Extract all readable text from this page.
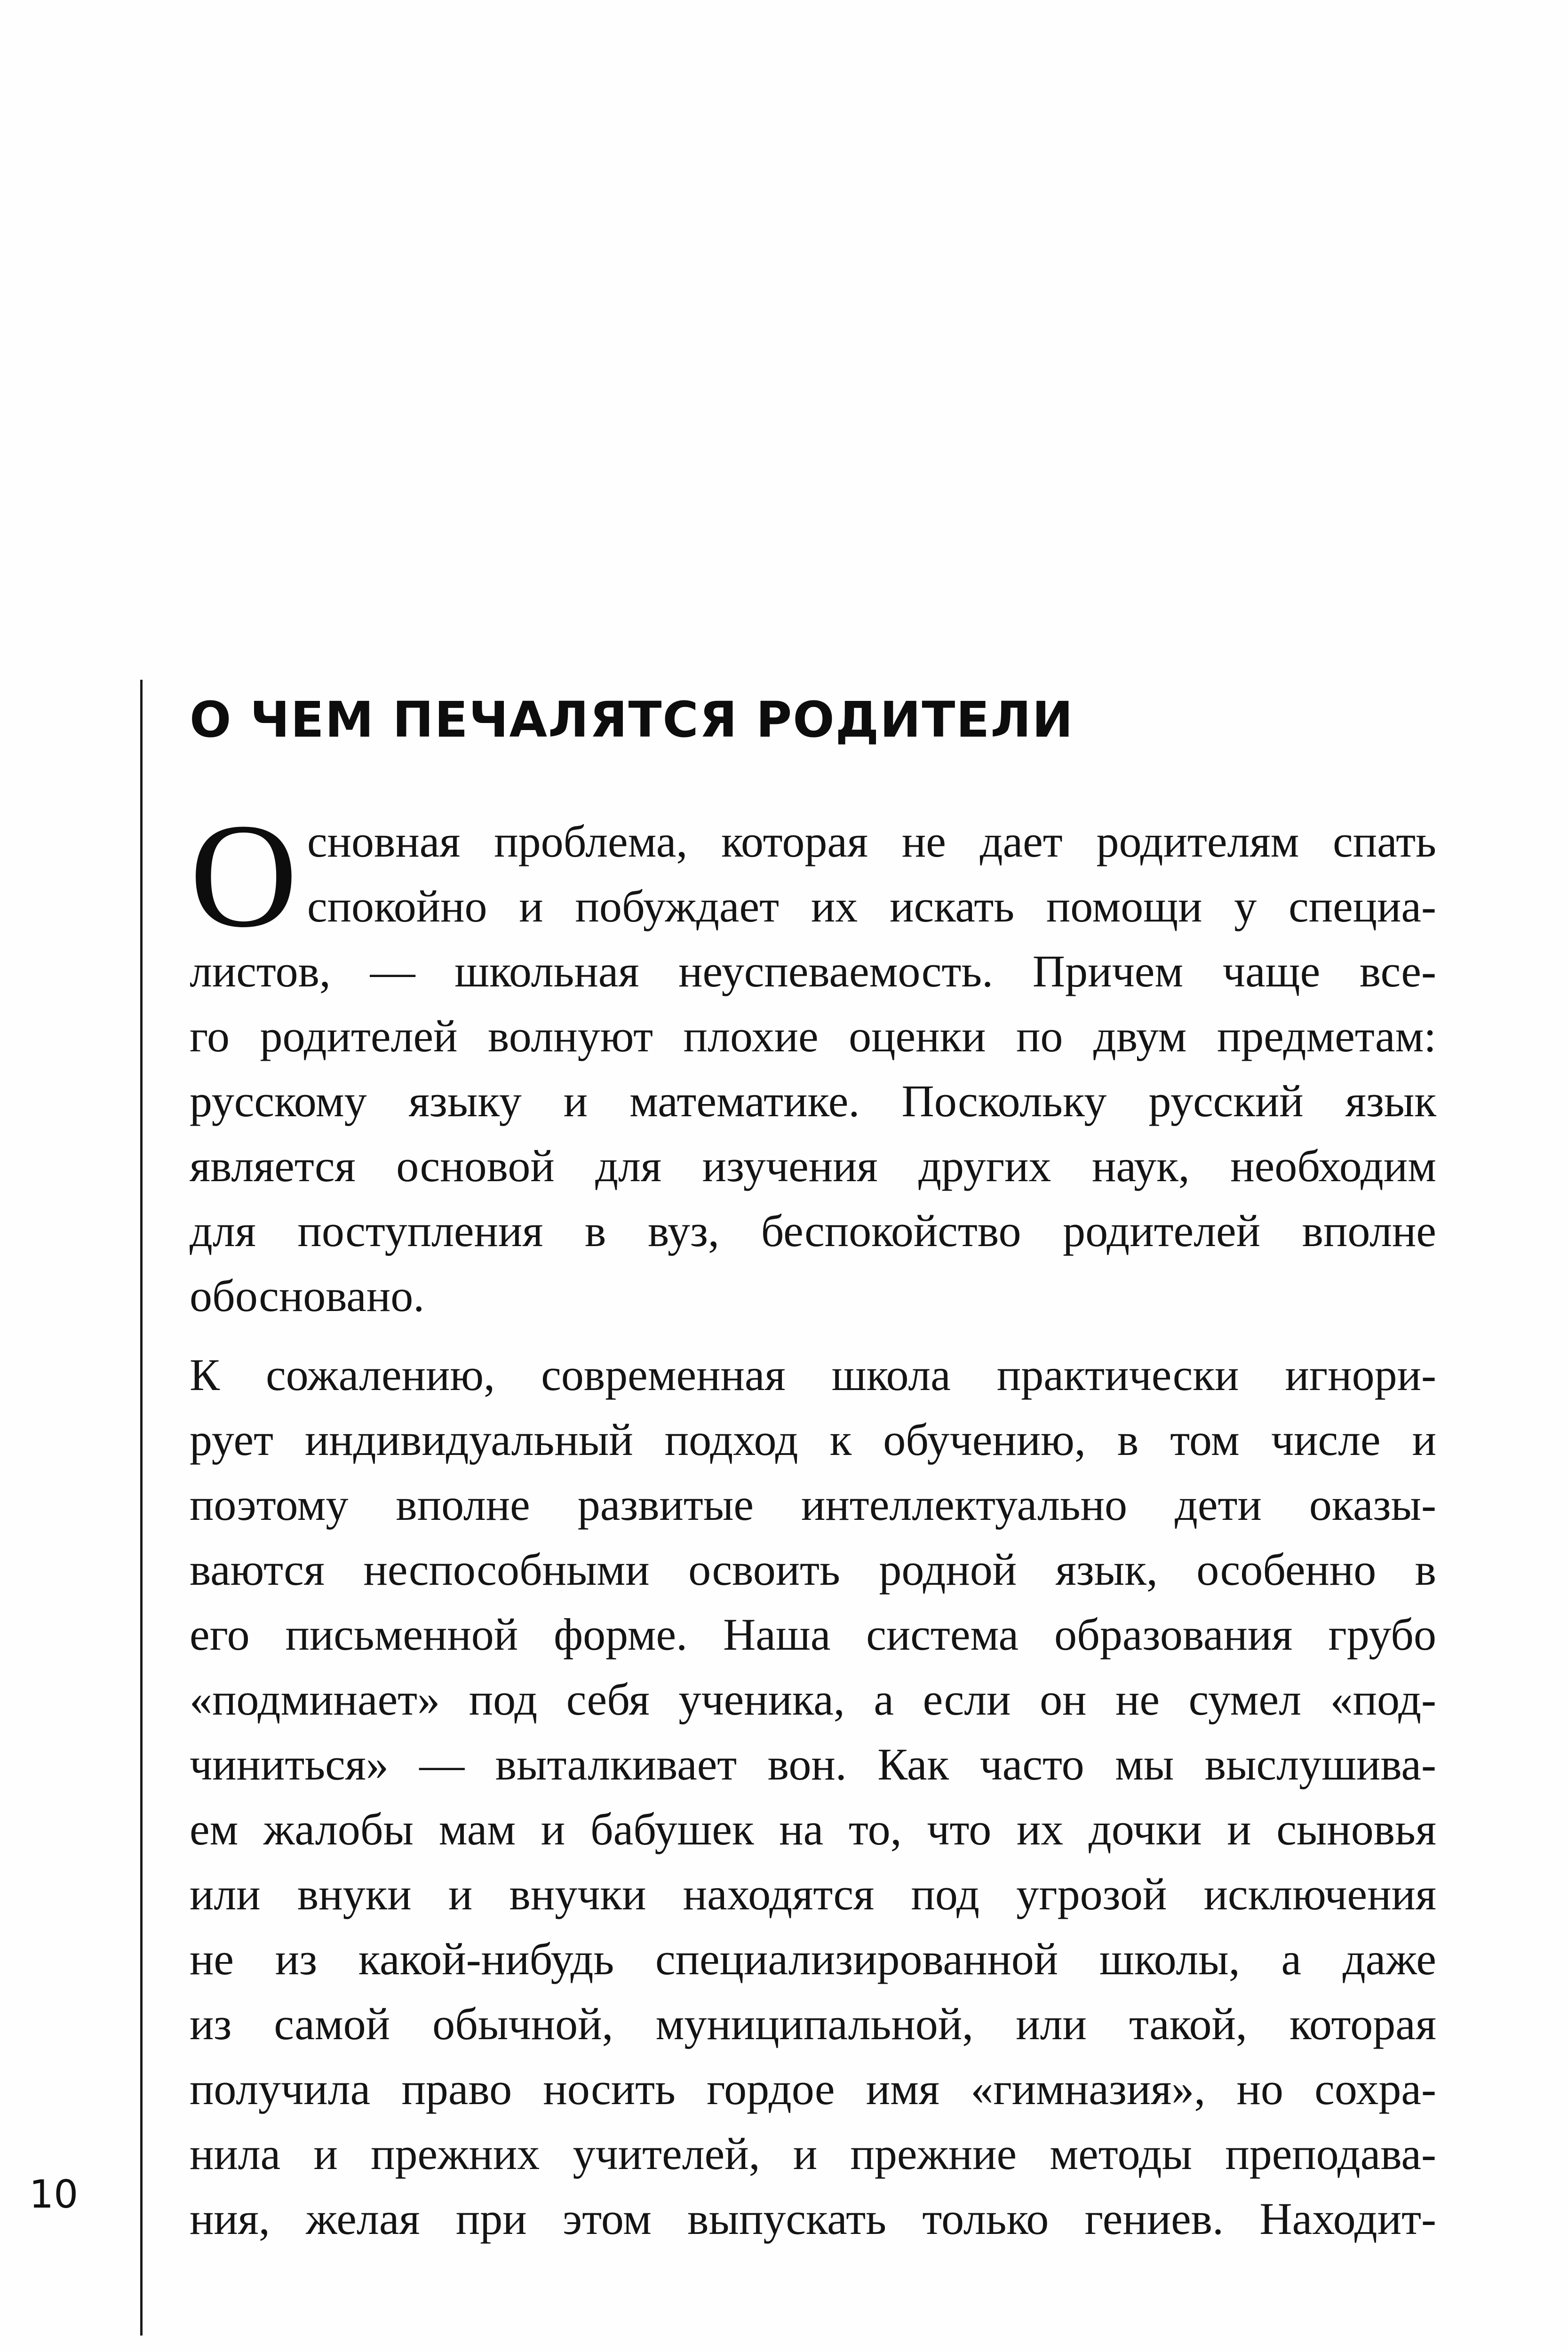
10
О ЧЕМ ПЕЧАЛЯТСЯ РОДИТЕЛИ
О сновная проблема, которая не дает родителям спать
спокойно и побуждает их искать помощи у специа-
листов, — школьная неуспеваемость. Причем чаще все-
го родителей волнуют плохие оценки по двум предметам:
русскому языку и математике. Поскольку русский язык
является основой для изучения других наук, необходим
для поступления в вуз, беспокойство родителей вполне
обосновано.
К сожалению, современная школа практически игнори-
рует индивидуальный подход к обучению, в том числе и
поэтому вполне развитые интеллектуально дети оказы-
ваются неспособными освоить родной язык, особенно в
его письменной форме. Наша система образования грубо
«подминает» под себя ученика, а если он не сумел «под-
чиниться» — выталкивает вон. Как часто мы выслушива-
ем жалобы мам и бабушек на то, что их дочки и сыновья
или внуки и внучки находятся под угрозой исключения
не из какой-нибудь специализированной школы, а даже
из самой обычной, муниципальной, или такой, которая
получила право носить гордое имя «гимназия», но сохра-
нила и прежних учителей, и прежние методы преподава-
ния, желая при этом выпускать только гениев. Находит-
